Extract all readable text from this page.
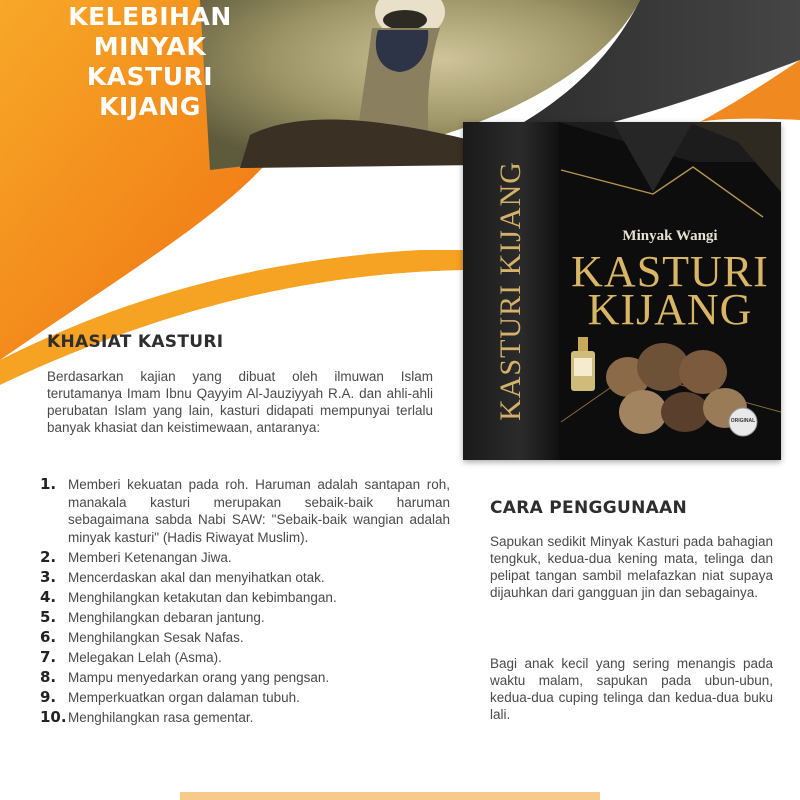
KELEBIHAN
MINYAK
KASTURI
KIJANG
KASTURI KIJANG	Minyak Wangi
KASTURI
KIJANG
ORIGINAL
KHASIAT KASTURI

Berdasarkan kajian yang dibuat oleh ilmuwan Islam terutamanya Imam Ibnu Qayyim Al-Jauziyyah R.A. dan ahli-ahli perubatan Islam yang lain, kasturi didapati mempunyai terlalu banyak khasiat dan keistimewaan, antaranya:

1. Memberi kekuatan pada roh. Haruman adalah santapan roh, manakala kasturi merupakan sebaik-baik haruman sebagaimana sabda Nabi SAW: "Sebaik-baik wangian adalah minyak kasturi" (Hadis Riwayat Muslim).
2. Memberi Ketenangan Jiwa.
3. Mencerdaskan akal dan menyihatkan otak.
4. Menghilangkan ketakutan dan kebimbangan.
5. Menghilangkan debaran jantung.
6. Menghilangkan Sesak Nafas.
7. Melegakan Lelah (Asma).
8. Mampu menyedarkan orang yang pengsan.
9. Memperkuatkan organ dalaman tubuh.
10. Menghilangkan rasa gementar.
CARA PENGGUNAAN

Sapukan sedikit Minyak Kasturi pada bahagian tengkuk, kedua-dua kening mata, telinga dan pelipat tangan sambil melafazkan niat supaya dijauhkan dari gangguan jin dan sebagainya.

Bagi anak kecil yang sering menangis pada waktu malam, sapukan pada ubun-ubun, kedua-dua cuping telinga dan kedua-dua buku lali.
